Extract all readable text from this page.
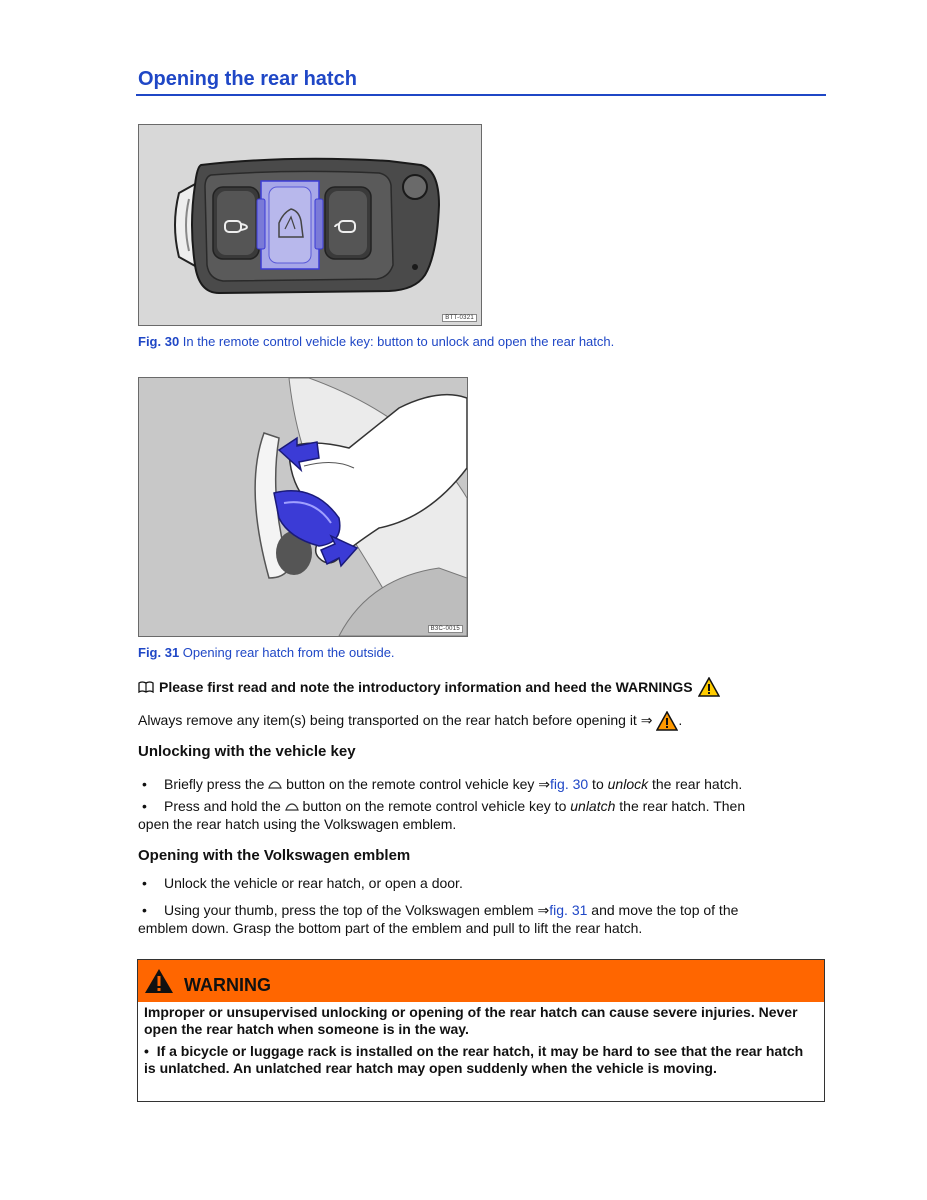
Opening the rear hatch
BTT-0321
Fig. 30 In the remote control vehicle key: button to unlock and open the rear hatch.
B3C-0015
Fig. 31 Opening rear hatch from the outside.
Please first read and note the introductory information and heed the WARNINGS
Always remove any item(s) being transported on the rear hatch before opening it ⇒ .
Unlocking with the vehicle key
• Briefly press the button on the remote control vehicle key ⇒fig. 30 to unlock the rear hatch.
• Press and hold the  button on the remote control vehicle key to unlatch the rear hatch. Then
open the rear hatch using the Volkswagen emblem.
Opening with the Volkswagen emblem
• Unlock the vehicle or rear hatch, or open a door.
• Using your thumb, press the top of the Volkswagen emblem ⇒fig. 31 and move the top of the
emblem down. Grasp the bottom part of the emblem and pull to lift the rear hatch.
WARNING

Improper or unsupervised unlocking or opening of the rear hatch can cause severe injuries. Never open the rear hatch when someone is in the way.

•  If a bicycle or luggage rack is installed on the rear hatch, it may be hard to see that the rear hatch is unlatched. An unlatched rear hatch may open suddenly when the vehicle is moving.
